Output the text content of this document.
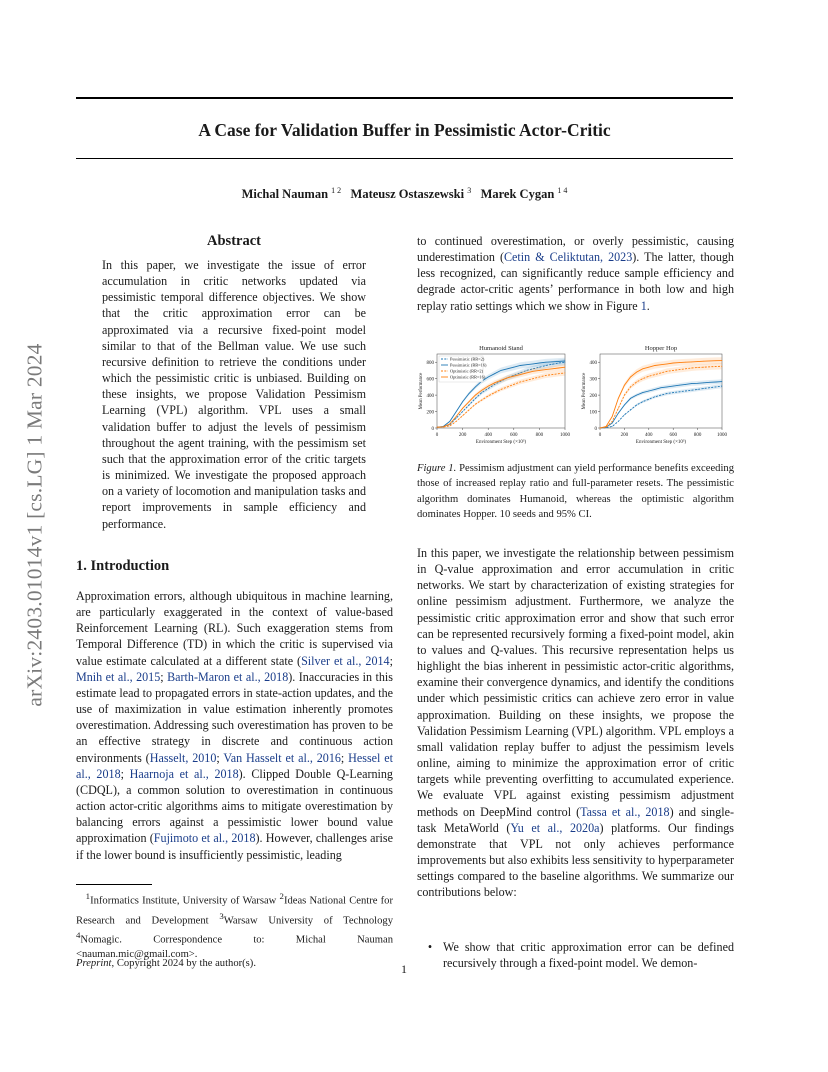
arXiv:2403.01014v1 [cs.LG] 1 Mar 2024
A Case for Validation Buffer in Pessimistic Actor-Critic
Michal Nauman $^{1 2}$ Mateusz Ostaszewski $^3$ Marek Cygan $^{1 4}$
Abstract
In this paper, we investigate the issue of error accumulation in critic networks updated via pessimistic temporal difference objectives. We show that the critic approximation error can be approximated via a recursive fixed-point model similar to that of the Bellman value. We use such recursive definition to retrieve the conditions under which the pessimistic critic is unbiased. Building on these insights, we propose Validation Pessimism Learning (VPL) algorithm. VPL uses a small validation buffer to adjust the levels of pessimism throughout the agent training, with the pessimism set such that the approximation error of the critic targets is minimized. We investigate the proposed approach on a variety of locomotion and manipulation tasks and report improvements in sample efficiency and performance.
1. Introduction
Approximation errors, although ubiquitous in machine learning, are particularly exaggerated in the context of value-based Reinforcement Learning (RL). Such exaggeration stems from Temporal Difference (TD) in which the critic is supervised via value estimate calculated at a different state (Silver et al., 2014; Mnih et al., 2015; Barth-Maron et al., 2018). Inaccuracies in this estimate lead to propagated errors in state-action updates, and the use of maximization in value estimation inherently promotes overestimation. Addressing such overestimation has proven to be an effective strategy in discrete and continuous action environments (Hasselt, 2010; Van Hasselt et al., 2016; Hessel et al., 2018; Haarnoja et al., 2018). Clipped Double Q-Learning (CDQL), a common solution to overestimation in continuous action actor-critic algorithms aims to mitigate overestimation by balancing errors against a pessimistic lower bound value approximation (Fujimoto et al., 2018). However, challenges arise if the lower bound is insufficiently pessimistic, leading
$^1$Informatics Institute, University of Warsaw $^2$Ideas National Centre for Research and Development $^3$Warsaw University of Technology $^4$Nomagic. Correspondence to: Michal Nauman <nauman.mic@gmail.com>.
Preprint, Copyright 2024 by the author(s).
to continued overestimation, or overly pessimistic, causing underestimation (Cetin & Celiktutan, 2023). The latter, though less recognized, can significantly reduce sample efficiency and degrade actor-critic agents’ performance in both low and high replay ratio settings which we show in Figure 1.
Humanoid Stand
0
200
400
600
800
0	200	400	600	800	1000
Environment Step (×10³)
Mean Performance
Pessimistic (RR=2)
Pessimistic (RR=16)
Optimistic (RR=2)
Optimistic (RR=16)
Hopper Hop
0
100
200
300
400
0	200	400	600	800	1000
Environment Step (×10³)
Mean Performance
Figure 1. Pessimism adjustment can yield performance benefits exceeding those of increased replay ratio and full-parameter resets. The pessimistic algorithm dominates Humanoid, whereas the optimistic algorithm dominates Hopper. 10 seeds and 95% CI.
In this paper, we investigate the relationship between pessimism in Q-value approximation and error accumulation in critic networks. We start by characterization of existing strategies for online pessimism adjustment. Furthermore, we analyze the pessimistic critic approximation error and show that such error can be represented recursively forming a fixed-point model, akin to values and Q-values. This recursive representation helps us highlight the bias inherent in pessimistic actor-critic algorithms, examine their convergence dynamics, and identify the conditions under which pessimistic critics can achieve zero error in value approximation. Building on these insights, we propose the Validation Pessimism Learning (VPL) algorithm. VPL employs a small validation replay buffer to adjust the pessimism levels online, aiming to minimize the approximation error of critic targets while preventing overfitting to accumulated experience. We evaluate VPL against existing pessimism adjustment methods on DeepMind control (Tassa et al., 2018) and single-task MetaWorld (Yu et al., 2020a) platforms. Our findings demonstrate that VPL not only achieves performance improvements but also exhibits less sensitivity to hyperparameter settings compared to the baseline algorithms. We summarize our contributions below:
• We show that critic approximation error can be defined recursively through a fixed-point model. We demon-
1
